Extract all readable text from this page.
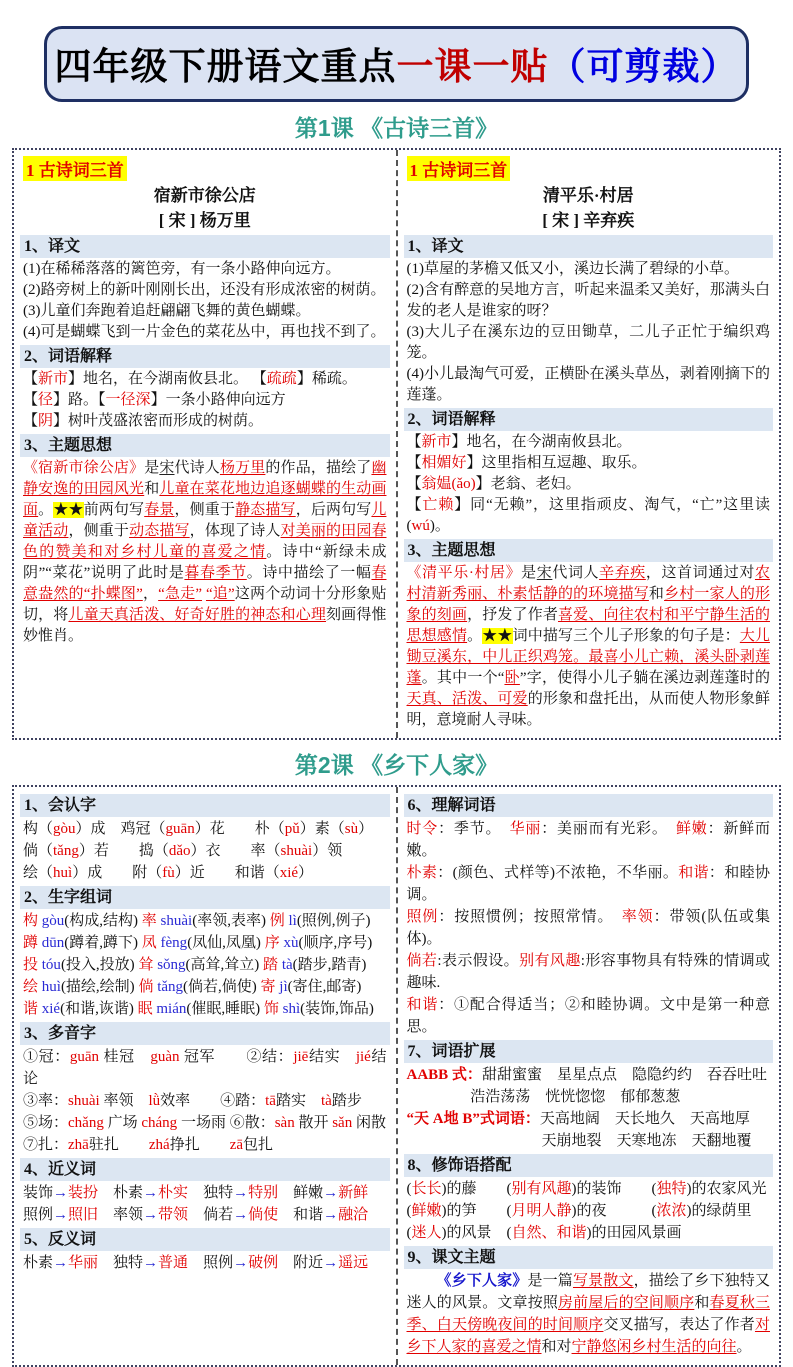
四年级下册语文重点一课一贴（可剪裁）
第1课 《古诗三首》
1 古诗词三首
宿新市徐公店
[ 宋 ] 杨万里
1、译文
(1)在稀稀落落的篱笆旁，有一条小路伸向远方。
(2)路旁树上的新叶刚刚长出，还没有形成浓密的树荫。
(3)儿童们奔跑着追赶翩翩飞舞的黄色蝴蝶。
(4)可是蝴蝶飞到一片金色的菜花丛中，再也找不到了。
2、词语解释
【新市】地名，在今湖南攸县北。 【疏疏】稀疏。
【径】路。【一径深】一条小路伸向远方
【阴】树叶茂盛浓密而形成的树荫。
3、主题思想
《宿新市徐公店》是宋代诗人杨万里的作品，描绘了幽静安逸的田园风光和儿童在菜花地边追逐蝴蝶的生动画面。★★前两句写春景，侧重于静态描写，后两句写儿童活动，侧重于动态描写，体现了诗人对美丽的田园春色的赞美和对乡村儿童的喜爱之情。诗中“新绿未成阴”“菜花”说明了此时是暮春季节。诗中描绘了一幅春意盎然的“扑蝶图”，“急走” “追”这两个动词十分形象贴切，将儿童天真活泼、好奇好胜的神态和心理刻画得惟妙惟肖。
1 古诗词三首
清平乐·村居
[ 宋 ] 辛弃疾
1、译文
(1)草屋的茅檐又低又小，溪边长满了碧绿的小草。
(2)含有醉意的吴地方言，听起来温柔又美好，那满头白发的老人是谁家的呀？
(3)大儿子在溪东边的豆田锄草，二儿子正忙于编织鸡笼。
(4)小儿最淘气可爱，正横卧在溪头草丛，剥着刚摘下的莲蓬。
2、词语解释
【新市】地名，在今湖南攸县北。
【相媚好】这里指相互逗趣、取乐。
【翁媪(ǎo)】老翁、老妇。
【亡赖】同“无赖”，这里指顽皮、淘气，“亡”这里读(wú)。
3、主题思想
《清平乐·村居》是宋代词人辛弃疾，这首词通过对农村清新秀丽、朴素恬静的的环境描写和乡村一家人的形象的刻画，抒发了作者喜爱、向往农村和平宁静生活的思想感情。★★词中描写三个儿子形象的句子是：大儿锄豆溪东，中儿正织鸡笼。最喜小儿亡赖，溪头卧剥莲蓬。其中一个“卧”字，使得小儿子躺在溪边剥莲蓬时的天真、活泼、可爱的形象和盘托出，从而使人物形象鲜明，意境耐人寻味。
第2课 《乡下人家》
1、会认字
构（gòu）成　鸡冠（guān）花　　朴（pǔ）素（sù）
倘（tǎng）若　　捣（dǎo）衣　　率（shuài）领
绘（huì）成　　附（fù）近　　和谐（xié）
2、生字组词
构 gòu(构成,结构) 率 shuài(率领,表率) 例 lì(照例,例子)
蹲 dūn(蹲着,蹲下) 凤 fèng(凤仙,凤凰) 序 xù(顺序,序号)
投 tóu(投入,投放) 耸 sǒng(高耸,耸立) 踏 tà(踏步,踏青)
绘 huì(描绘,绘制) 倘 tǎng(倘若,倘使) 寄 jì(寄住,邮寄)
谐 xié(和谐,诙谐) 眠 mián(催眠,睡眠) 饰 shì(装饰,饰品)
3、多音字
①冠：guān 桂冠　guàn 冠军　　②结：jiē结实　jié结论
③率：shuài 率领　lǜ效率　　④踏：tā踏实　tà踏步
⑤场：chǎng 广场 cháng 一场雨 ⑥散：sàn 散开 sǎn 闲散
⑦扎：zhā驻扎　　zhá挣扎　　zā包扎
4、近义词
装饰→装扮　朴素→朴实　独特→特别　鲜嫩→新鲜
照例→照旧　率领→带领　倘若→倘使　和谐→融洽
5、反义词
朴素→华丽　独特→普通　照例→破例　附近→遥远
6、理解词语
时令：季节。　华丽：美丽而有光彩。　鲜嫩：新鲜而嫩。
朴素：(颜色、式样等)不浓艳，不华丽。和谐：和睦协调。
照例：按照惯例；按照常情。　率领：带领(队伍或集体)。
倘若:表示假设。别有风趣:形容事物具有特殊的情调或趣味.
和谐：①配合得适当；②和睦协调。文中是第一种意思。
7、词语扩展
AABB 式：甜甜蜜蜜　星星点点　隐隐约约　吞吞吐吐
　　　　 浩浩荡荡　恍恍惚惚　郁郁葱葱
“天 A地 B”式词语：天高地阔　天长地久　天高地厚
　　　　　　　　　天崩地裂　天寒地冻　天翻地覆
8、修饰语搭配
(长长)的藤　　(别有风趣)的装饰　　(独特)的农家风光
(鲜嫩)的笋　　(月明人静)的夜　　　(浓浓)的绿荫里
(迷人)的风景　(自然、和谐)的田园风景画
9、课文主题
《乡下人家》是一篇写景散文，描绘了乡下独特又迷人的风景。文章按照房前屋后的空间顺序和春夏秋三季、白天傍晚夜间的时间顺序交叉描写，表达了作者对乡下人家的喜爱之情和对宁静悠闲乡村生活的向往。
